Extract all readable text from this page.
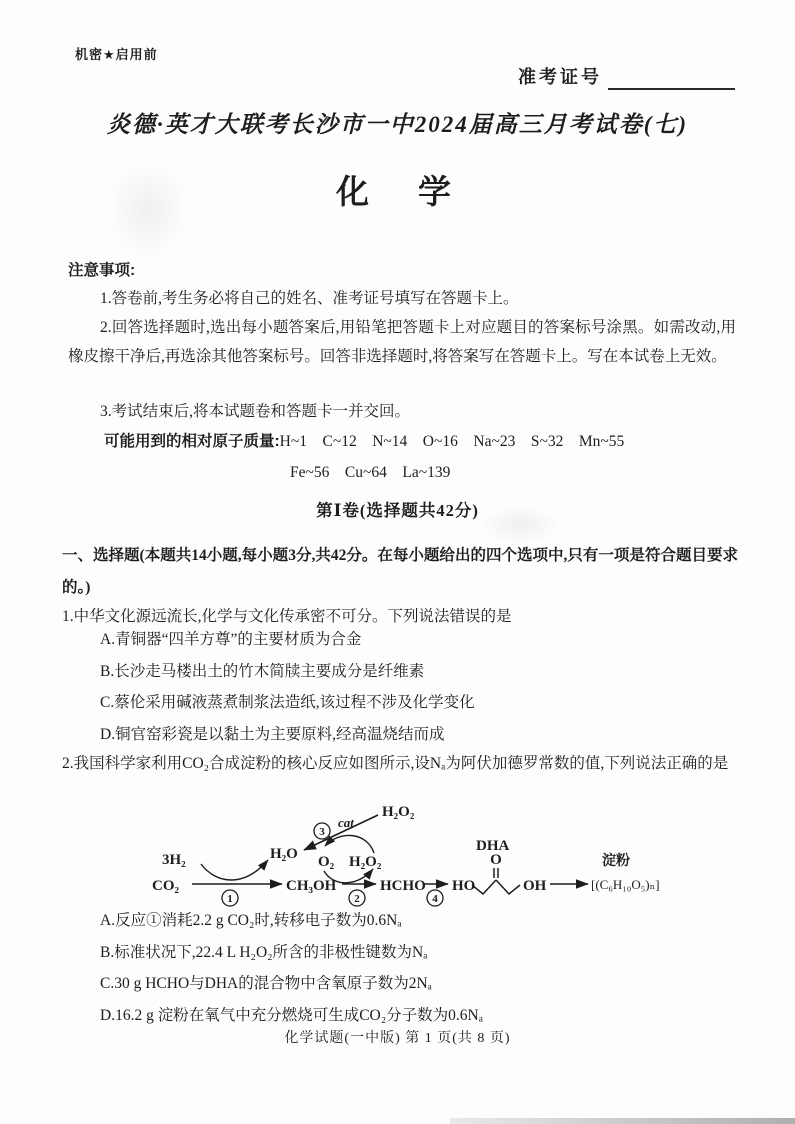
机密★启用前
准考证号
炎德·英才大联考长沙市一中2024届高三月考试卷(七)
化　学
注意事项:
1.答卷前,考生务必将自己的姓名、准考证号填写在答题卡上。
2.回答选择题时,选出每小题答案后,用铅笔把答题卡上对应题目的答案标号涂黑。如需改动,用橡皮擦干净后,再选涂其他答案标号。回答非选择题时,将答案写在答题卡上。写在本试卷上无效。
3.考试结束后,将本试题卷和答题卡一并交回。
可能用到的相对原子质量:H~1　C~12　N~14　O~16　Na~23　S~32　Mn~55
Fe~56　Cu~64　La~139
第Ⅰ卷(选择题共42分)
一、选择题(本题共14小题,每小题3分,共42分。在每小题给出的四个选项中,只有一项是符合题目要求的。)
1.中华文化源远流长,化学与文化传承密不可分。下列说法错误的是
A.青铜器“四羊方尊”的主要材质为合金
B.长沙走马楼出土的竹木简牍主要成分是纤维素
C.蔡伦采用碱液蒸煮制浆法造纸,该过程不涉及化学变化
D.铜官窑彩瓷是以黏土为主要原料,经高温烧结而成
2.我国科学家利用CO₂合成淀粉的核心反应如图所示,设Nₐ为阿伏加德罗常数的值,下列说法正确的是
3H₂
CO₂
1
H₂O
H₂O₂
3
cat
CH₃OH
2
O₂ H₂O₂
HCHO
4
HO
O
OH
DHA
淀粉
[(C₆H₁₀O₅)ₙ]
A.反应①消耗2.2 g CO₂时,转移电子数为0.6Nₐ
B.标准状况下,22.4 L H₂O₂所含的非极性键数为Nₐ
C.30 g HCHO与DHA的混合物中含氧原子数为2Nₐ
D.16.2 g 淀粉在氧气中充分燃烧可生成CO₂分子数为0.6Nₐ
化学试题(一中版) 第 1 页(共 8 页)
